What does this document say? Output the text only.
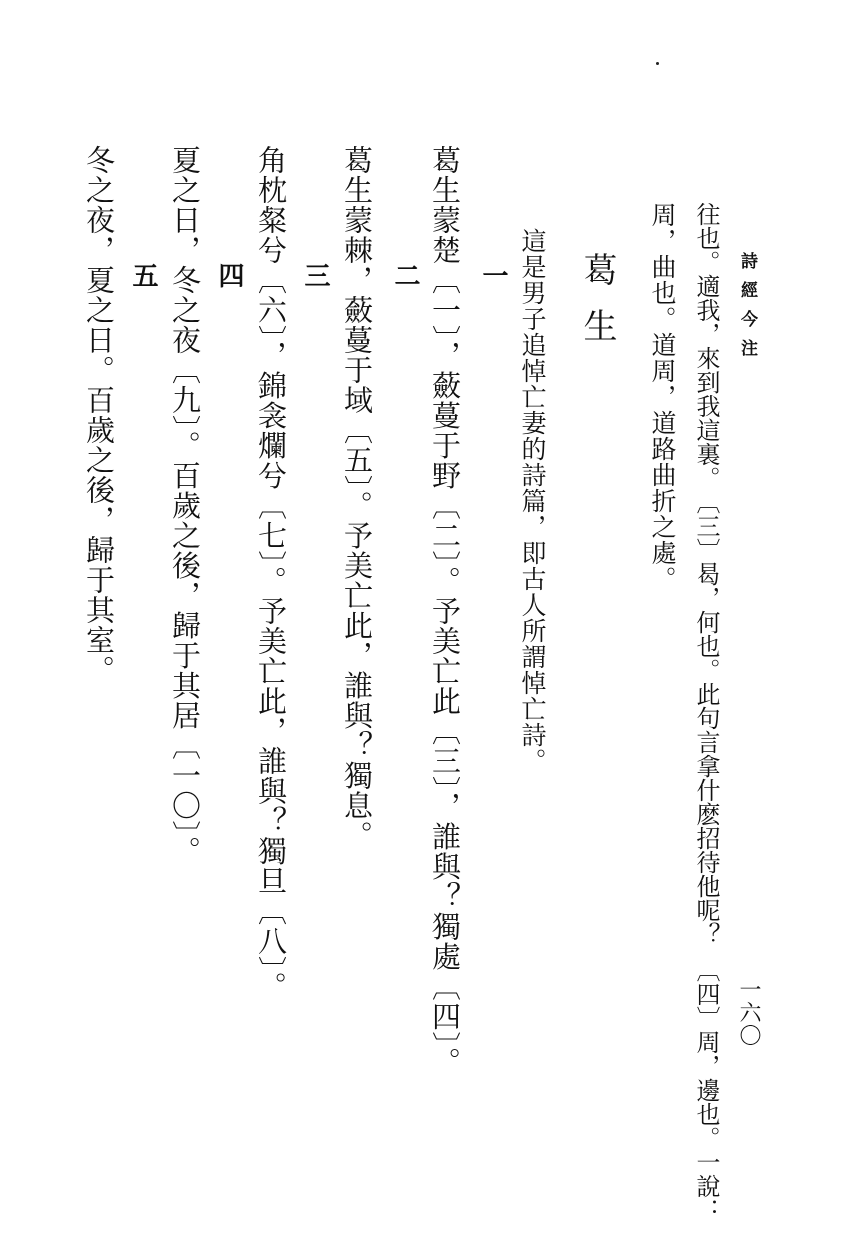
詩經今注
一六〇
往也。適我，來到我這裏。　〔三〕曷，何也。此句言拿什麽招待他呢？　〔四〕周，邊也。一說：
周，曲也。道周，道路曲折之處。
葛生
這是男子追悼亡妻的詩篇，即古人所謂悼亡詩。
一
葛生蒙楚〔一〕，蘞蔓于野〔二〕。予美亡此〔三〕，誰與？獨處〔四〕。
二
葛生蒙棘，蘞蔓于域〔五〕。予美亡此，誰與？獨息。
三
角枕粲兮〔六〕，錦衾爛兮〔七〕。予美亡此，誰與？獨旦〔八〕。
四
夏之日，冬之夜〔九〕。百歲之後，歸于其居〔一〇〕。
五
冬之夜，夏之日。百歲之後，歸于其室。
